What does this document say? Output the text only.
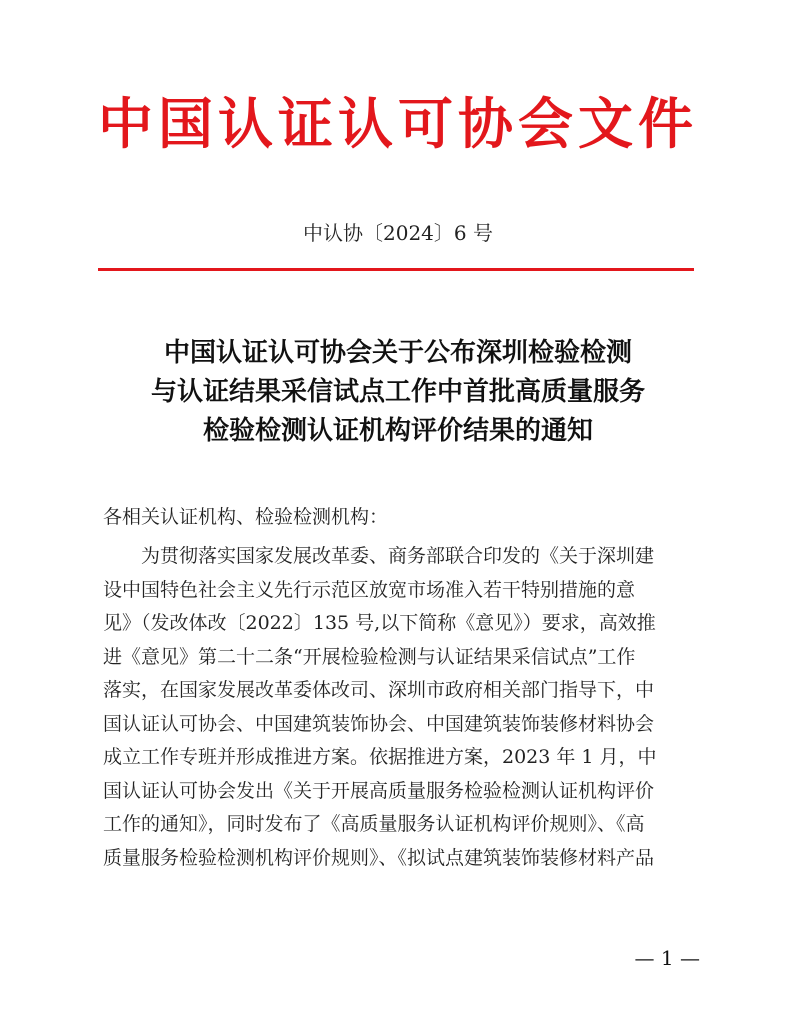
中国认证认可协会文件
中认协〔2024〕6 号
中国认证认可协会关于公布深圳检验检测
与认证结果采信试点工作中首批高质量服务
检验检测认证机构评价结果的通知
各相关认证机构、检验检测机构：
　　为贯彻落实国家发展改革委、商务部联合印发的《关于深圳建
设中国特色社会主义先行示范区放宽市场准入若干特别措施的意
见》（发改体改〔2022〕135 号,以下简称《意见》）要求，高效推
进《意见》第二十二条“开展检验检测与认证结果采信试点”工作
落实，在国家发展改革委体改司、深圳市政府相关部门指导下，中
国认证认可协会、中国建筑装饰协会、中国建筑装饰装修材料协会
成立工作专班并形成推进方案。依据推进方案，2023 年 1 月，中
国认证认可协会发出《关于开展高质量服务检验检测认证机构评价
工作的通知》，同时发布了《高质量服务认证机构评价规则》、《高
质量服务检验检测机构评价规则》、《拟试点建筑装饰装修材料产品
— 1 —
